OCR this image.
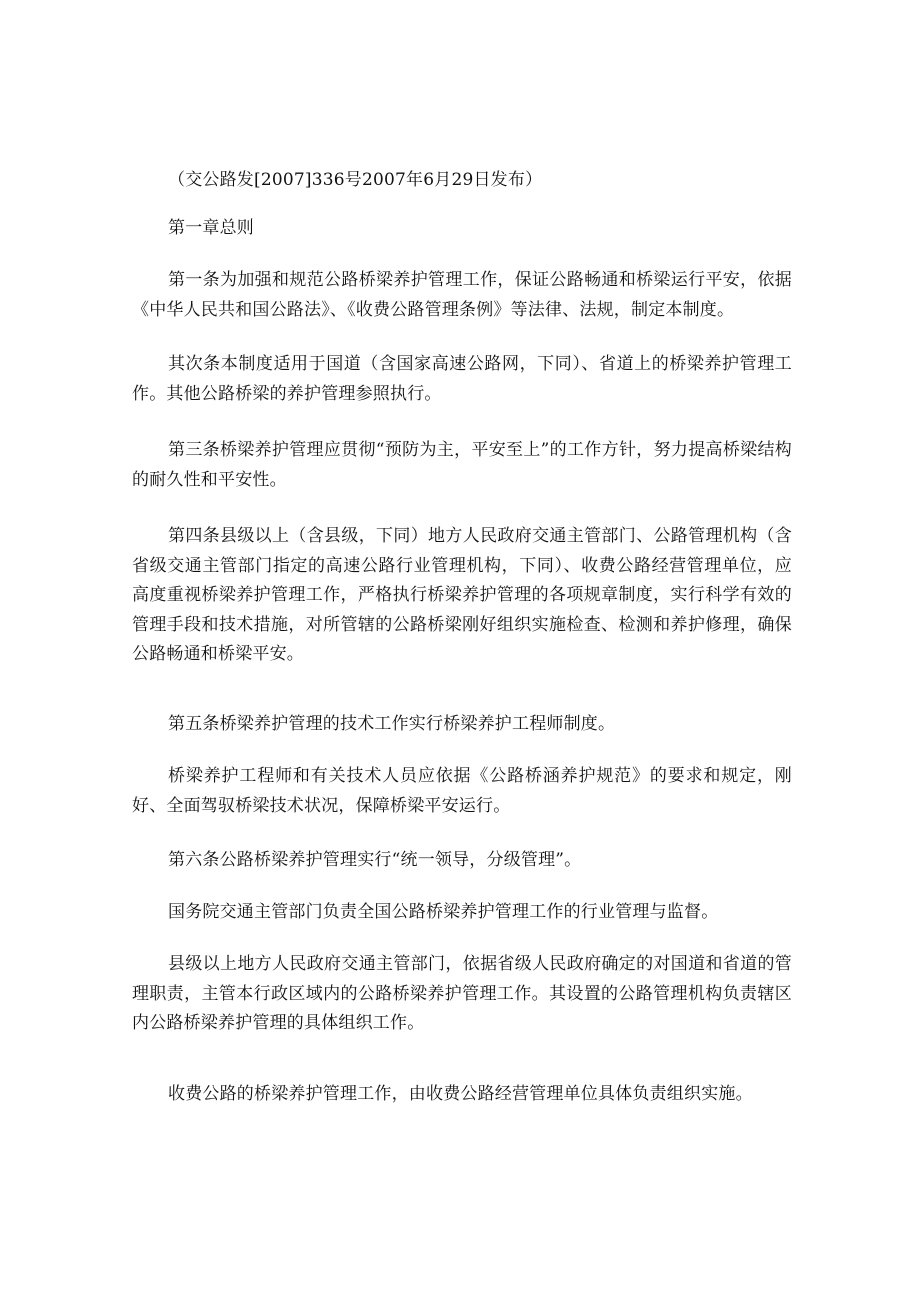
（交公路发[2007]336号2007年6月29日发布）

第一章总则

第一条为加强和规范公路桥梁养护管理工作，保证公路畅通和桥梁运行平安，依据《中华人民共和国公路法》、《收费公路管理条例》等法律、法规，制定本制度。

其次条本制度适用于国道（含国家高速公路网，下同）、省道上的桥梁养护管理工作。其他公路桥梁的养护管理参照执行。

第三条桥梁养护管理应贯彻“预防为主，平安至上”的工作方针，努力提高桥梁结构的耐久性和平安性。

第四条县级以上（含县级，下同）地方人民政府交通主管部门、公路管理机构（含省级交通主管部门指定的高速公路行业管理机构，下同）、收费公路经营管理单位，应高度重视桥梁养护管理工作，严格执行桥梁养护管理的各项规章制度，实行科学有效的管理手段和技术措施，对所管辖的公路桥梁刚好组织实施检查、检测和养护修理，确保公路畅通和桥梁平安。

第五条桥梁养护管理的技术工作实行桥梁养护工程师制度。

桥梁养护工程师和有关技术人员应依据《公路桥涵养护规范》的要求和规定，刚好、全面驾驭桥梁技术状况，保障桥梁平安运行。

第六条公路桥梁养护管理实行“统一领导，分级管理”。

国务院交通主管部门负责全国公路桥梁养护管理工作的行业管理与监督。

县级以上地方人民政府交通主管部门，依据省级人民政府确定的对国道和省道的管理职责，主管本行政区域内的公路桥梁养护管理工作。其设置的公路管理机构负责辖区内公路桥梁养护管理的具体组织工作。

收费公路的桥梁养护管理工作，由收费公路经营管理单位具体负责组织实施。
